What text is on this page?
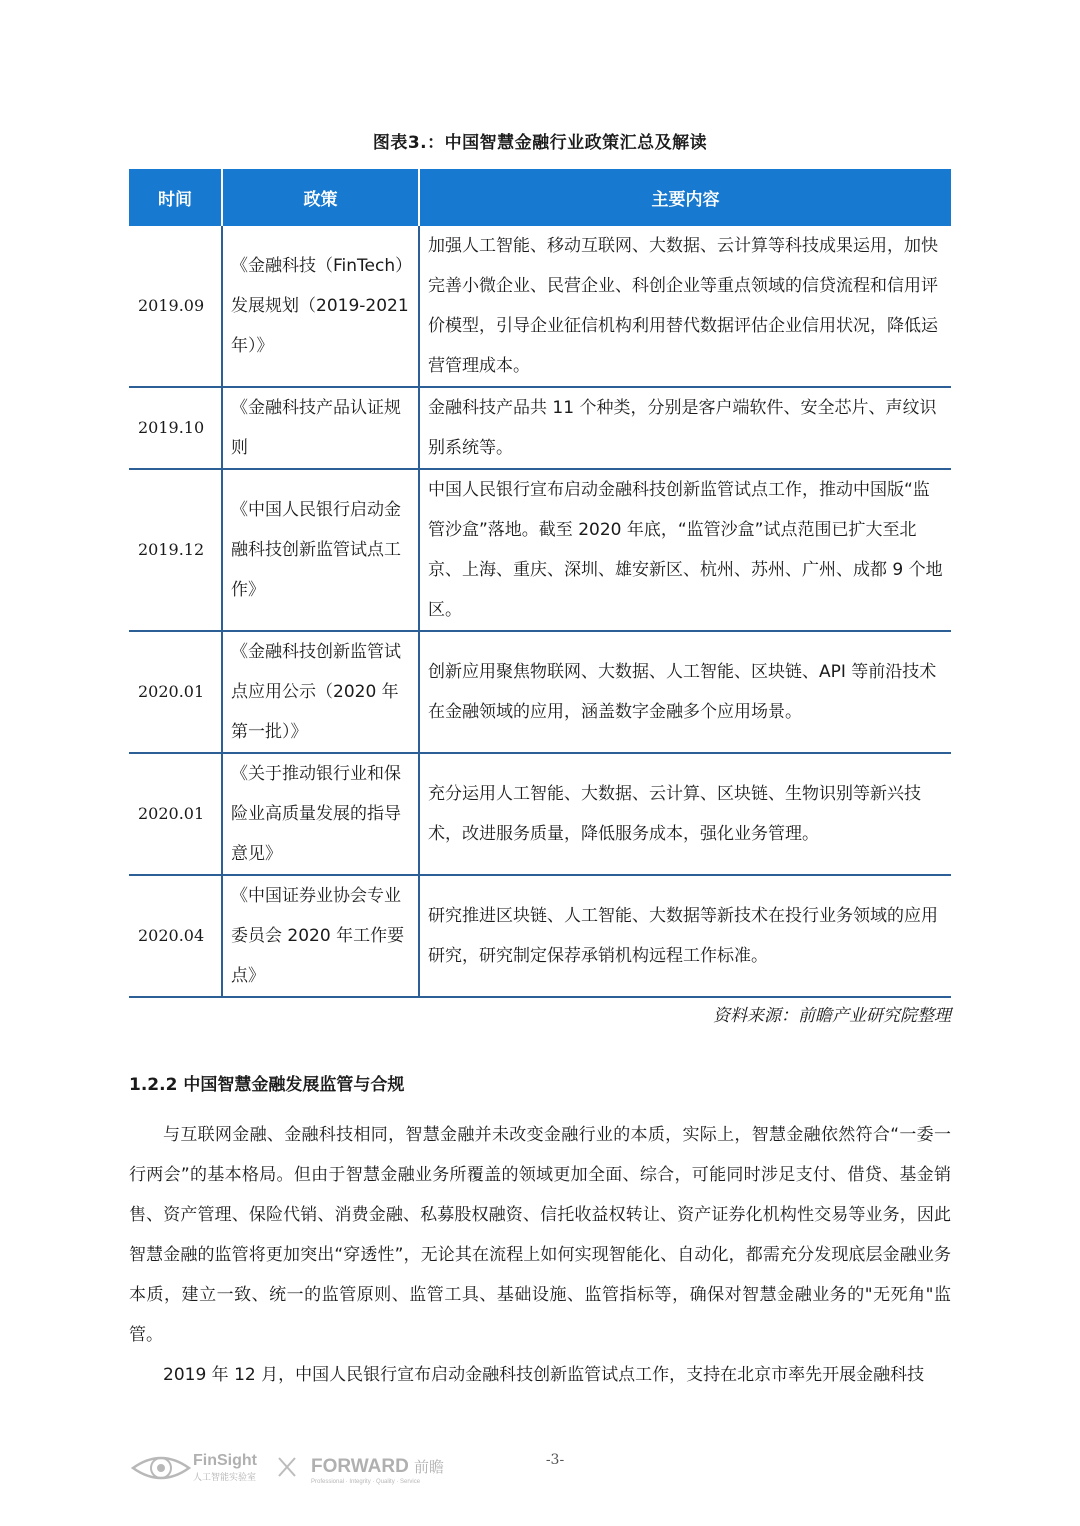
图表3.：中国智慧金融行业政策汇总及解读
时间	政策	主要内容
2019.09	《金融科技（FinTech）发展规划（2019-2021年）》	加强人工智能、移动互联网、大数据、云计算等科技成果运用，加快完善小微企业、民营企业、科创企业等重点领域的信贷流程和信用评价模型，引导企业征信机构利用替代数据评估企业信用状况，降低运营管理成本。
2019.10	《金融科技产品认证规则	金融科技产品共 11 个种类，分别是客户端软件、安全芯片、声纹识别系统等。
2019.12	《中国人民银行启动金融科技创新监管试点工作》	中国人民银行宣布启动金融科技创新监管试点工作，推动中国版“监管沙盒”落地。截至 2020 年底，“监管沙盒”试点范围已扩大至北京、上海、重庆、深圳、雄安新区、杭州、苏州、广州、成都 9 个地区。
2020.01	《金融科技创新监管试点应用公示（2020 年第一批）》	创新应用聚焦物联网、大数据、人工智能、区块链、API 等前沿技术在金融领域的应用，涵盖数字金融多个应用场景。
2020.01	《关于推动银行业和保险业高质量发展的指导意见》	充分运用人工智能、大数据、云计算、区块链、生物识别等新兴技术，改进服务质量，降低服务成本，强化业务管理。
2020.04	《中国证券业协会专业委员会 2020 年工作要点》	研究推进区块链、人工智能、大数据等新技术在投行业务领域的应用研究，研究制定保荐承销机构远程工作标准。
资料来源：前瞻产业研究院整理
1.2.2 中国智慧金融发展监管与合规

与互联网金融、金融科技相同，智慧金融并未改变金融行业的本质，实际上，智慧金融依然符合“一委一行两会”的基本格局。但由于智慧金融业务所覆盖的领域更加全面、综合，可能同时涉足支付、借贷、基金销售、资产管理、保险代销、消费金融、私募股权融资、信托收益权转让、资产证券化机构性交易等业务，因此智慧金融的监管将更加突出“穿透性”，无论其在流程上如何实现智能化、自动化，都需充分发现底层金融业务本质，建立一致、统一的监管原则、监管工具、基础设施、监管指标等，确保对智慧金融业务的"无死角"监管。

2019 年 12 月，中国人民银行宣布启动金融科技创新监管试点工作，支持在北京市率先开展金融科技

FinSight
人工智能实验室
FORWARD 前瞻
Professional · Integrity · Quality · Service
-3-
